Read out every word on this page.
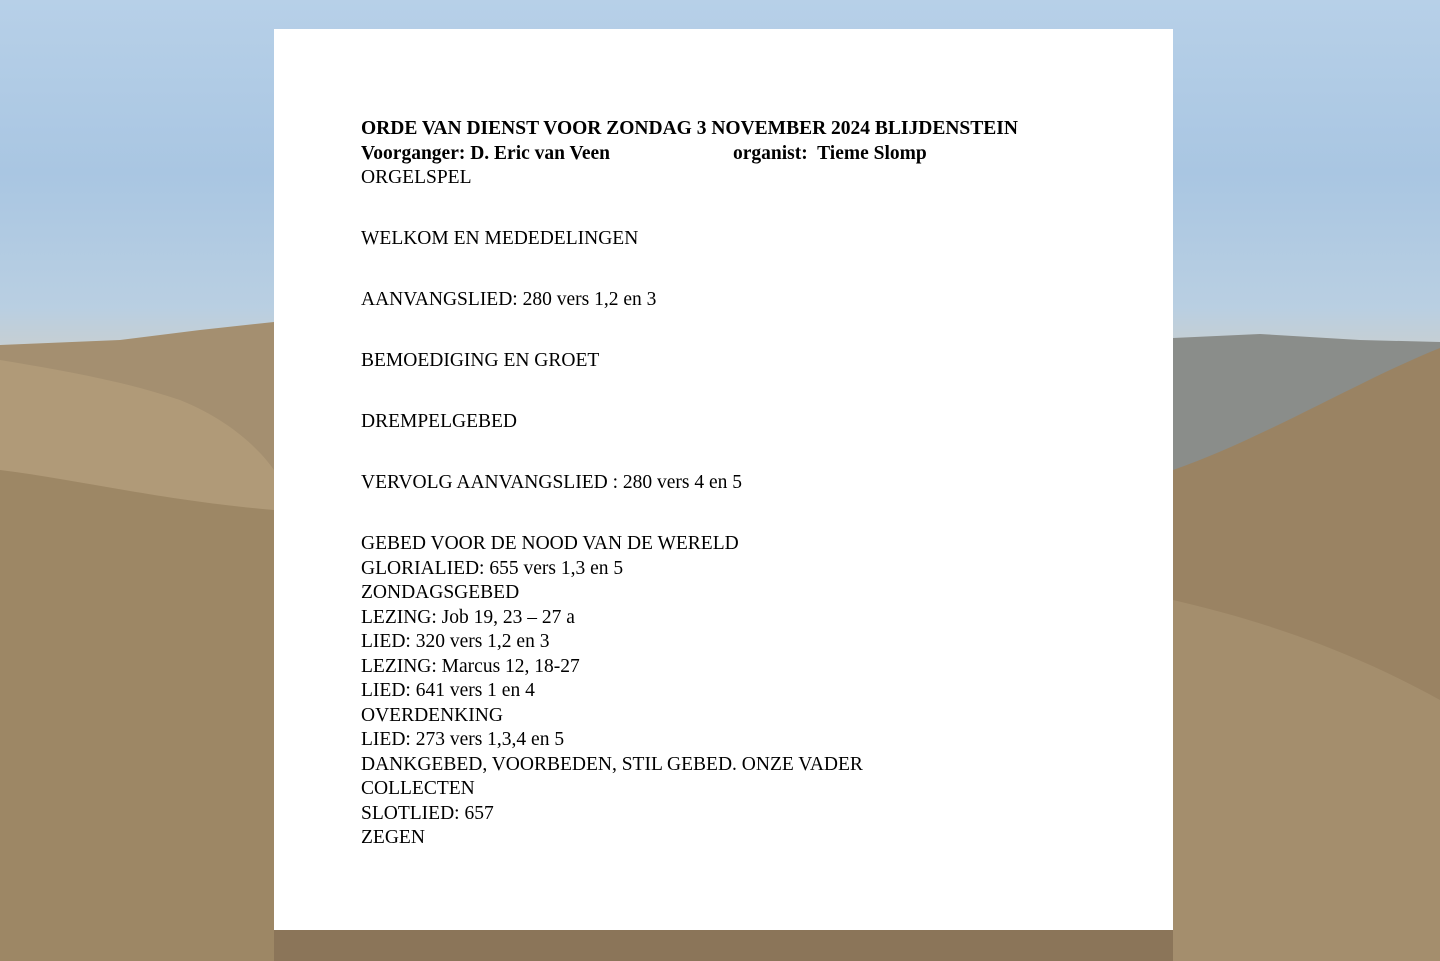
ORDE VAN DIENST VOOR ZONDAG 3 NOVEMBER 2024 BLIJDENSTEIN
Voorganger: D. Eric van Veen	organist:  Tieme Slomp
ORGELSPEL
WELKOM EN MEDEDELINGEN
AANVANGSLIED: 280 vers 1,2 en 3
BEMOEDIGING EN GROET
DREMPELGEBED
VERVOLG AANVANGSLIED : 280 vers 4 en 5
GEBED VOOR DE NOOD VAN DE WERELD
GLORIALIED: 655 vers 1,3 en 5
ZONDAGSGEBED
LEZING: Job 19, 23 – 27 a
LIED: 320 vers 1,2 en 3
LEZING: Marcus 12, 18-27
LIED: 641 vers 1 en 4
OVERDENKING
LIED: 273 vers 1,3,4 en 5
DANKGEBED, VOORBEDEN, STIL GEBED. ONZE VADER
COLLECTEN
SLOTLIED: 657
ZEGEN
